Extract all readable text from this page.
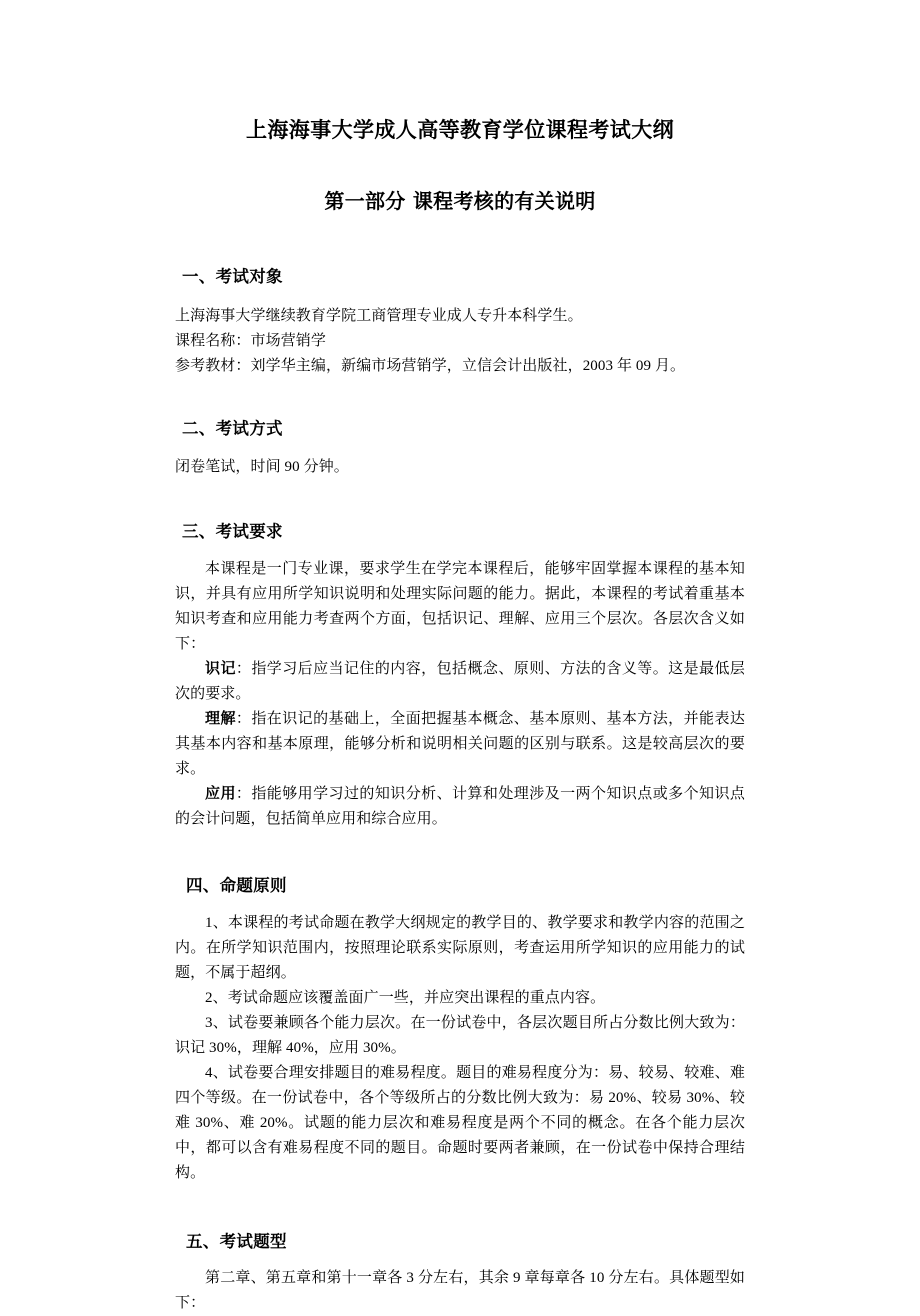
上海海事大学成人高等教育学位课程考试大纲
第一部分 课程考核的有关说明
一、考试对象

上海海事大学继续教育学院工商管理专业成人专升本科学生。

课程名称：市场营销学

参考教材：刘学华主编，新编市场营销学，立信会计出版社，2003 年 09 月。

二、考试方式

闭卷笔试，时间 90 分钟。

三、考试要求

本课程是一门专业课，要求学生在学完本课程后，能够牢固掌握本课程的基本知识，并具有应用所学知识说明和处理实际问题的能力。据此，本课程的考试着重基本知识考查和应用能力考查两个方面，包括识记、理解、应用三个层次。各层次含义如下：

识记：指学习后应当记住的内容，包括概念、原则、方法的含义等。这是最低层次的要求。

理解：指在识记的基础上，全面把握基本概念、基本原则、基本方法，并能表达其基本内容和基本原理，能够分析和说明相关问题的区别与联系。这是较高层次的要求。

应用：指能够用学习过的知识分析、计算和处理涉及一两个知识点或多个知识点的会计问题，包括简单应用和综合应用。

四、命题原则

1、本课程的考试命题在教学大纲规定的教学目的、教学要求和教学内容的范围之内。在所学知识范围内，按照理论联系实际原则，考查运用所学知识的应用能力的试题，不属于超纲。

2、考试命题应该覆盖面广一些，并应突出课程的重点内容。

3、试卷要兼顾各个能力层次。在一份试卷中，各层次题目所占分数比例大致为：识记 30%，理解 40%，应用 30%。

4、试卷要合理安排题目的难易程度。题目的难易程度分为：易、较易、较难、难四个等级。在一份试卷中，各个等级所占的分数比例大致为：易 20%、较易 30%、较难 30%、难 20%。试题的能力层次和难易程度是两个不同的概念。在各个能力层次中，都可以含有难易程度不同的题目。命题时要两者兼顾，在一份试卷中保持合理结构。

五、考试题型

第二章、第五章和第十一章各 3 分左右，其余 9 章每章各 10 分左右。具体题型如下：
